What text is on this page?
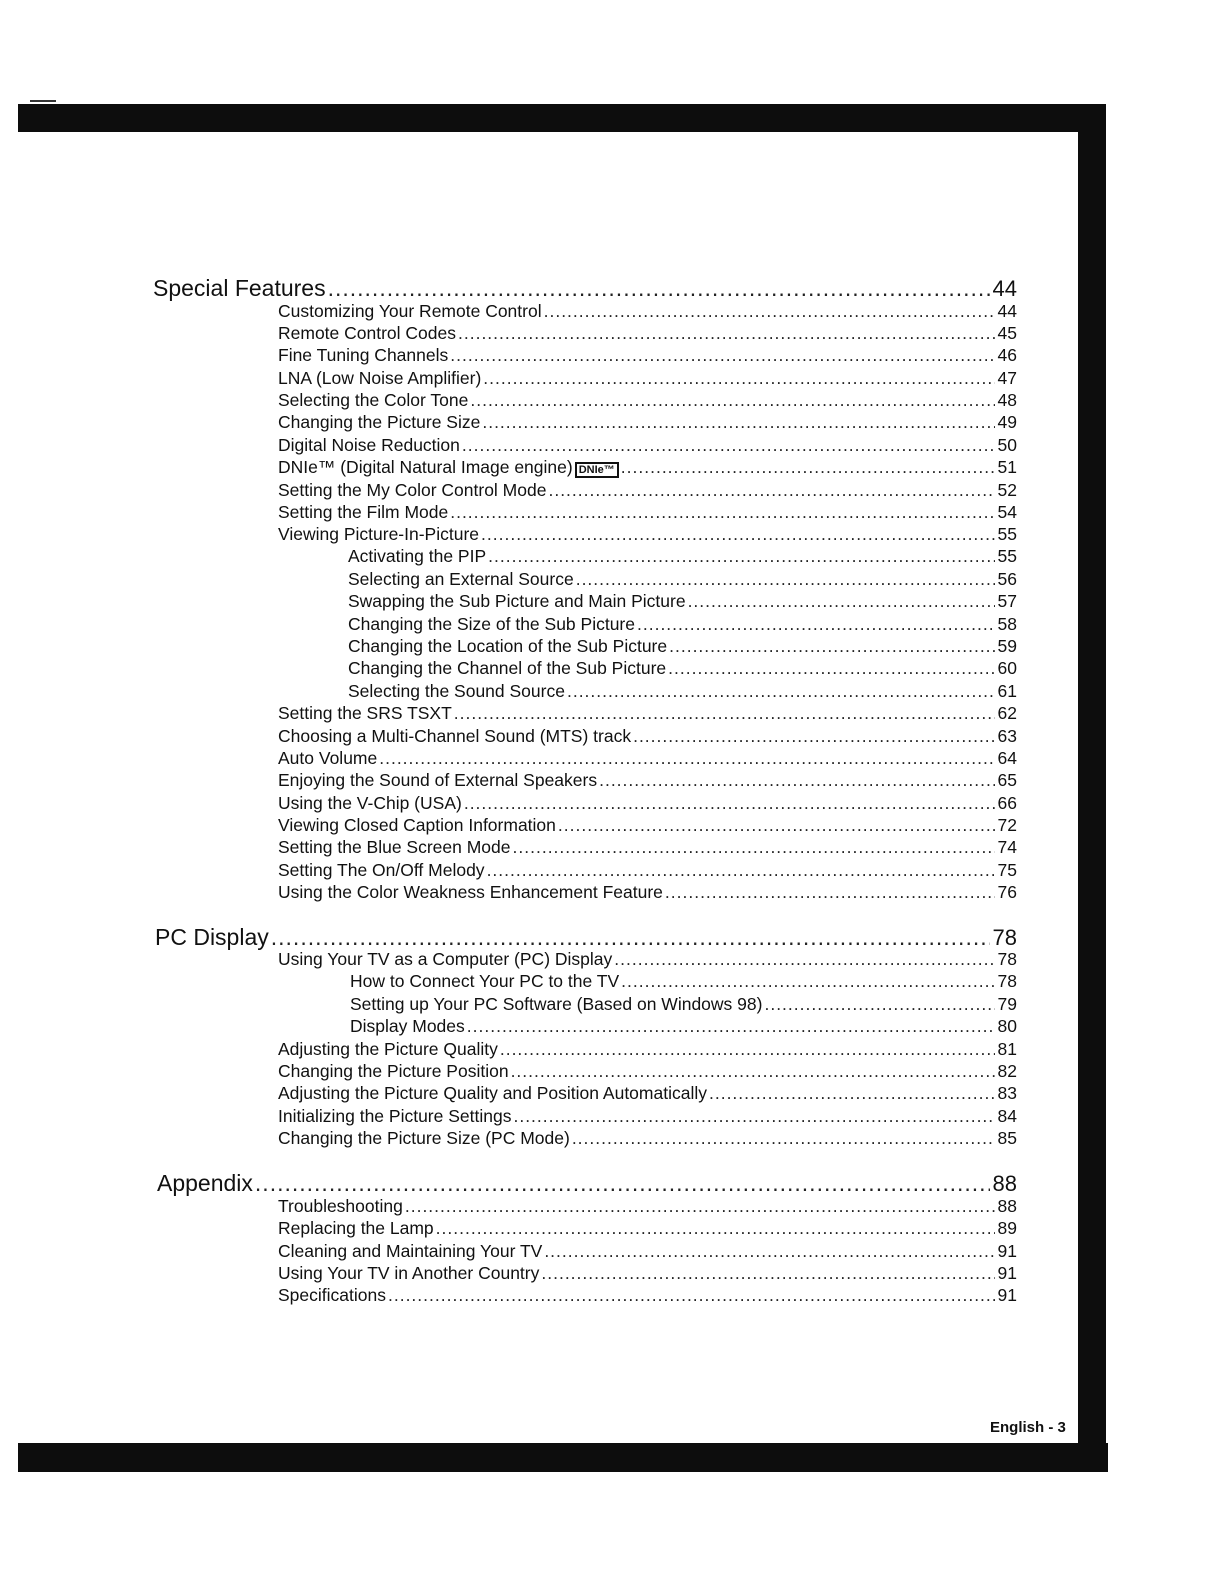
Special Features .....	44
Customizing Your Remote Control .....	44
Remote Control Codes .....	45
Fine Tuning Channels .....	46
LNA (Low Noise Amplifier) .....	47
Selecting the Color Tone .....	48
Changing the Picture Size .....	49
Digital Noise Reduction .....	50
DNIe™ (Digital Natural Image engine) DNIe™ .....	51
Setting the My Color Control Mode .....	52
Setting the Film Mode .....	54
Viewing Picture-In-Picture .....	55
Activating the PIP .....	55
Selecting an External Source .....	56
Swapping the Sub Picture and Main Picture .....	57
Changing the Size of the Sub Picture .....	58
Changing the Location of the Sub Picture .....	59
Changing the Channel of the Sub Picture .....	60
Selecting the Sound Source .....	61
Setting the SRS TSXT .....	62
Choosing a Multi-Channel Sound (MTS) track .....	63
Auto Volume .....	64
Enjoying the Sound of External Speakers .....	65
Using the V-Chip (USA) .....	66
Viewing Closed Caption Information .....	72
Setting the Blue Screen Mode .....	74
Setting The On/Off Melody .....	75
Using the Color Weakness Enhancement Feature .....	76
PC Display .....	78
Using Your TV as a Computer (PC) Display .....	78
How to Connect Your PC to the TV .....	78
Setting up Your PC Software (Based on Windows 98) .....	79
Display Modes .....	80
Adjusting the Picture Quality .....	81
Changing the Picture Position .....	82
Adjusting the Picture Quality and Position Automatically .....	83
Initializing the Picture Settings .....	84
Changing the Picture Size (PC Mode) .....	85
Appendix .....	88
Troubleshooting .....	88
Replacing the Lamp .....	89
Cleaning and Maintaining Your TV .....	91
Using Your TV in Another Country .....	91
Specifications .....	91
English - 3
